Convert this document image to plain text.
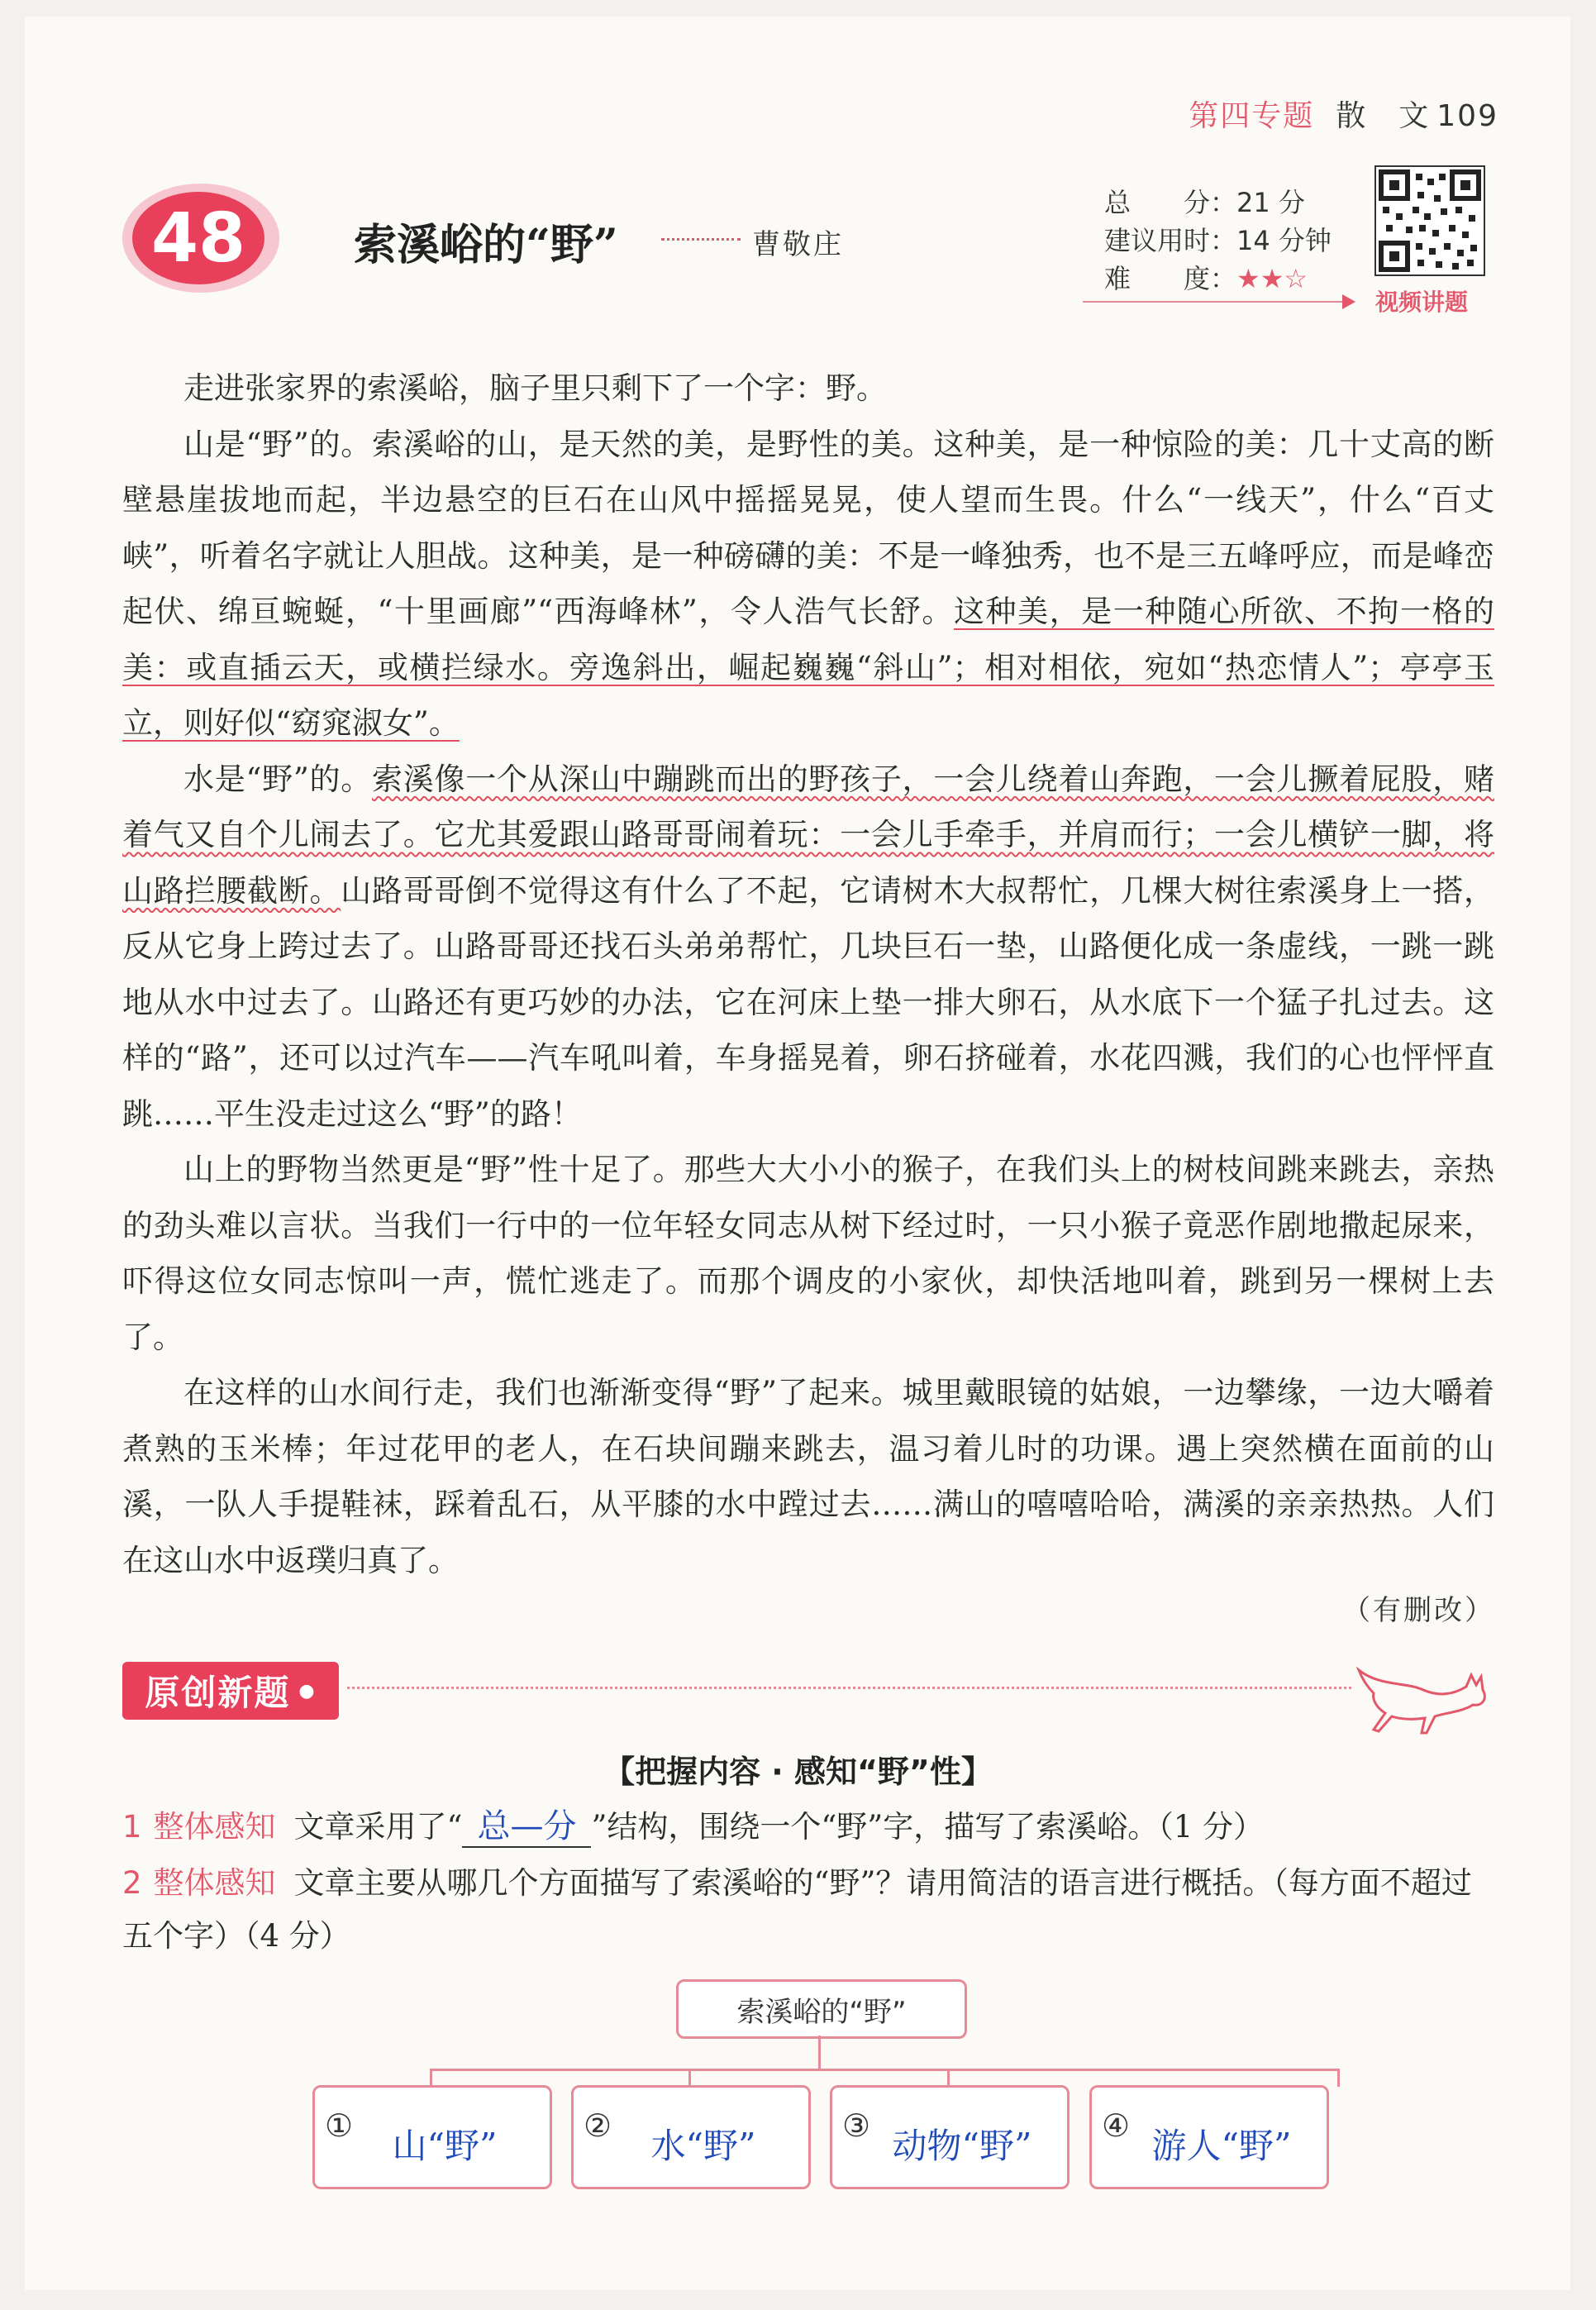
第四专题 散　文 109
48	索溪峪的“野”	曹敬庄
总　　分：21 分
建议用时：14 分钟
难　　度：★★☆
视频讲题

走进张家界的索溪峪，脑子里只剩下了一个字：野。

山是“野”的。索溪峪的山，是天然的美，是野性的美。这种美，是一种惊险的美：几十丈高的断壁悬崖拔地而起，半边悬空的巨石在山风中摇摇晃晃，使人望而生畏。什么“一线天”，什么“百丈峡”，听着名字就让人胆战。这种美，是一种磅礴的美：不是一峰独秀，也不是三五峰呼应，而是峰峦起伏、绵亘蜿蜒，“十里画廊”“西海峰林”，令人浩气长舒。这种美，是一种随心所欲、不拘一格的美：或直插云天，或横拦绿水。旁逸斜出，崛起巍巍“斜山”；相对相依，宛如“热恋情人”；亭亭玉立，则好似“窈窕淑女”。

水是“野”的。索溪像一个从深山中蹦跳而出的野孩子，一会儿绕着山奔跑，一会儿撅着屁股，赌着气又自个儿闹去了。它尤其爱跟山路哥哥闹着玩：一会儿手牵手，并肩而行；一会儿横铲一脚，将山路拦腰截断。山路哥哥倒不觉得这有什么了不起，它请树木大叔帮忙，几棵大树往索溪身上一搭，反从它身上跨过去了。山路哥哥还找石头弟弟帮忙，几块巨石一垫，山路便化成一条虚线，一跳一跳地从水中过去了。山路还有更巧妙的办法，它在河床上垫一排大卵石，从水底下一个猛子扎过去。这样的“路”，还可以过汽车——汽车吼叫着，车身摇晃着，卵石挤碰着，水花四溅，我们的心也怦怦直跳……平生没走过这么“野”的路！

山上的野物当然更是“野”性十足了。那些大大小小的猴子，在我们头上的树枝间跳来跳去，亲热的劲头难以言状。当我们一行中的一位年轻女同志从树下经过时，一只小猴子竟恶作剧地撒起尿来，吓得这位女同志惊叫一声，慌忙逃走了。而那个调皮的小家伙，却快活地叫着，跳到另一棵树上去了。

在这样的山水间行走，我们也渐渐变得“野”了起来。城里戴眼镜的姑娘，一边攀缘，一边大嚼着煮熟的玉米棒；年过花甲的老人，在石块间蹦来跳去，温习着儿时的功课。遇上突然横在面前的山溪，一队人手提鞋袜，踩着乱石，从平膝的水中蹚过去……满山的嘻嘻哈哈，满溪的亲亲热热。人们在这山水中返璞归真了。

（有删改）
原创新题 ●
【把握内容 · 感知“野”性】
1 整体感知 文章采用了“ 总—分 ”结构，围绕一个“野”字，描写了索溪峪。（1 分）
2 整体感知 文章主要从哪几个方面描写了索溪峪的“野”？请用简洁的语言进行概括。（每方面不超过五个字）（4 分）
索溪峪的“野”
①	山“野”	②	水“野”	③ 动物“野”	④ 游人“野”
